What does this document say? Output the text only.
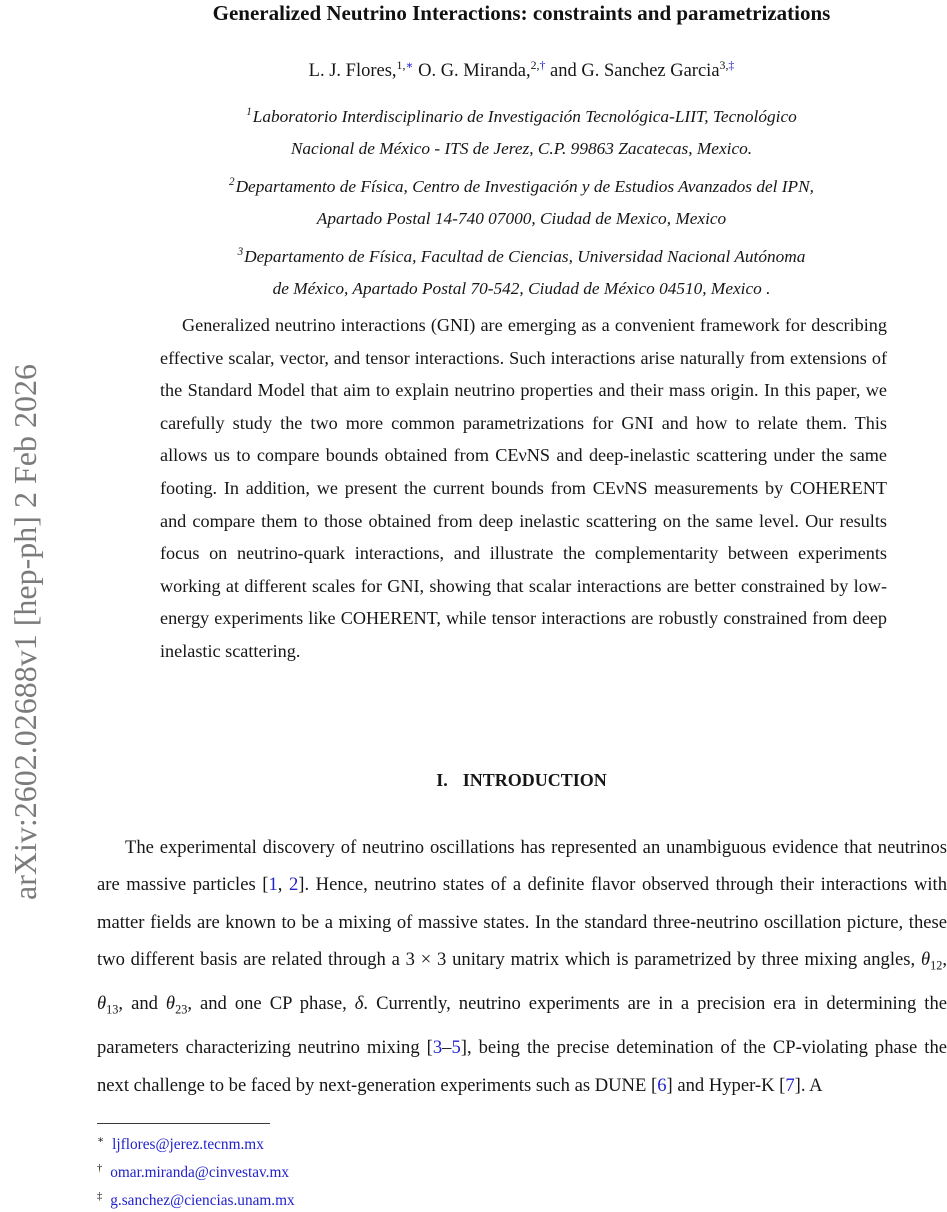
arXiv:2602.02688v1 [hep-ph] 2 Feb 2026
Generalized Neutrino Interactions: constraints and parametrizations
L. J. Flores,$^{1,∗}$ O. G. Miranda,$^{2,\dagger}$ and G. Sanchez Garcia$^{3,\ddagger}$
$^1$Laboratorio Interdisciplinario de Investigación Tecnológica-LIIT, Tecnológico
Nacional de México - ITS de Jerez, C.P. 99863 Zacatecas, Mexico.
$^2$Departamento de Física, Centro de Investigación y de Estudios Avanzados del IPN,
Apartado Postal 14-740 07000, Ciudad de Mexico, Mexico
$^3$Departamento de Física, Facultad de Ciencias, Universidad Nacional Autónoma
de México, Apartado Postal 70-542, Ciudad de México 04510, Mexico .
Generalized neutrino interactions (GNI) are emerging as a convenient framework for describing effective scalar, vector, and tensor interactions. Such interactions arise naturally from extensions of the Standard Model that aim to explain neutrino properties and their mass origin. In this paper, we carefully study the two more common parametrizations for GNI and how to relate them. This allows us to compare bounds obtained from CEνNS and deep-inelastic scattering under the same footing. In addition, we present the current bounds from CEνNS measurements by COHERENT and compare them to those obtained from deep inelastic scattering on the same level. Our results focus on neutrino-quark interactions, and illustrate the complementarity between experiments working at different scales for GNI, showing that scalar interactions are better constrained by low-energy experiments like COHERENT, while tensor interactions are robustly constrained from deep inelastic scattering.
I. INTRODUCTION
The experimental discovery of neutrino oscillations has represented an unambiguous evidence that neutrinos are massive particles [1, 2]. Hence, neutrino states of a definite flavor observed through their interactions with matter fields are known to be a mixing of massive states. In the standard three-neutrino oscillation picture, these two different basis are related through a 3 × 3 unitary matrix which is parametrized by three mixing angles, $\theta_{12}$, $\theta_{13}$, and $\theta_{23}$, and one CP phase, δ. Currently, neutrino experiments are in a precision era in determining the parameters characterizing neutrino mixing [3–5], being the precise detemination of the CP-violating phase the next challenge to be faced by next-generation experiments such as DUNE [6] and Hyper-K [7]. A
∗ ljflores@jerez.tecnm.mx
† omar.miranda@cinvestav.mx
‡ g.sanchez@ciencias.unam.mx
